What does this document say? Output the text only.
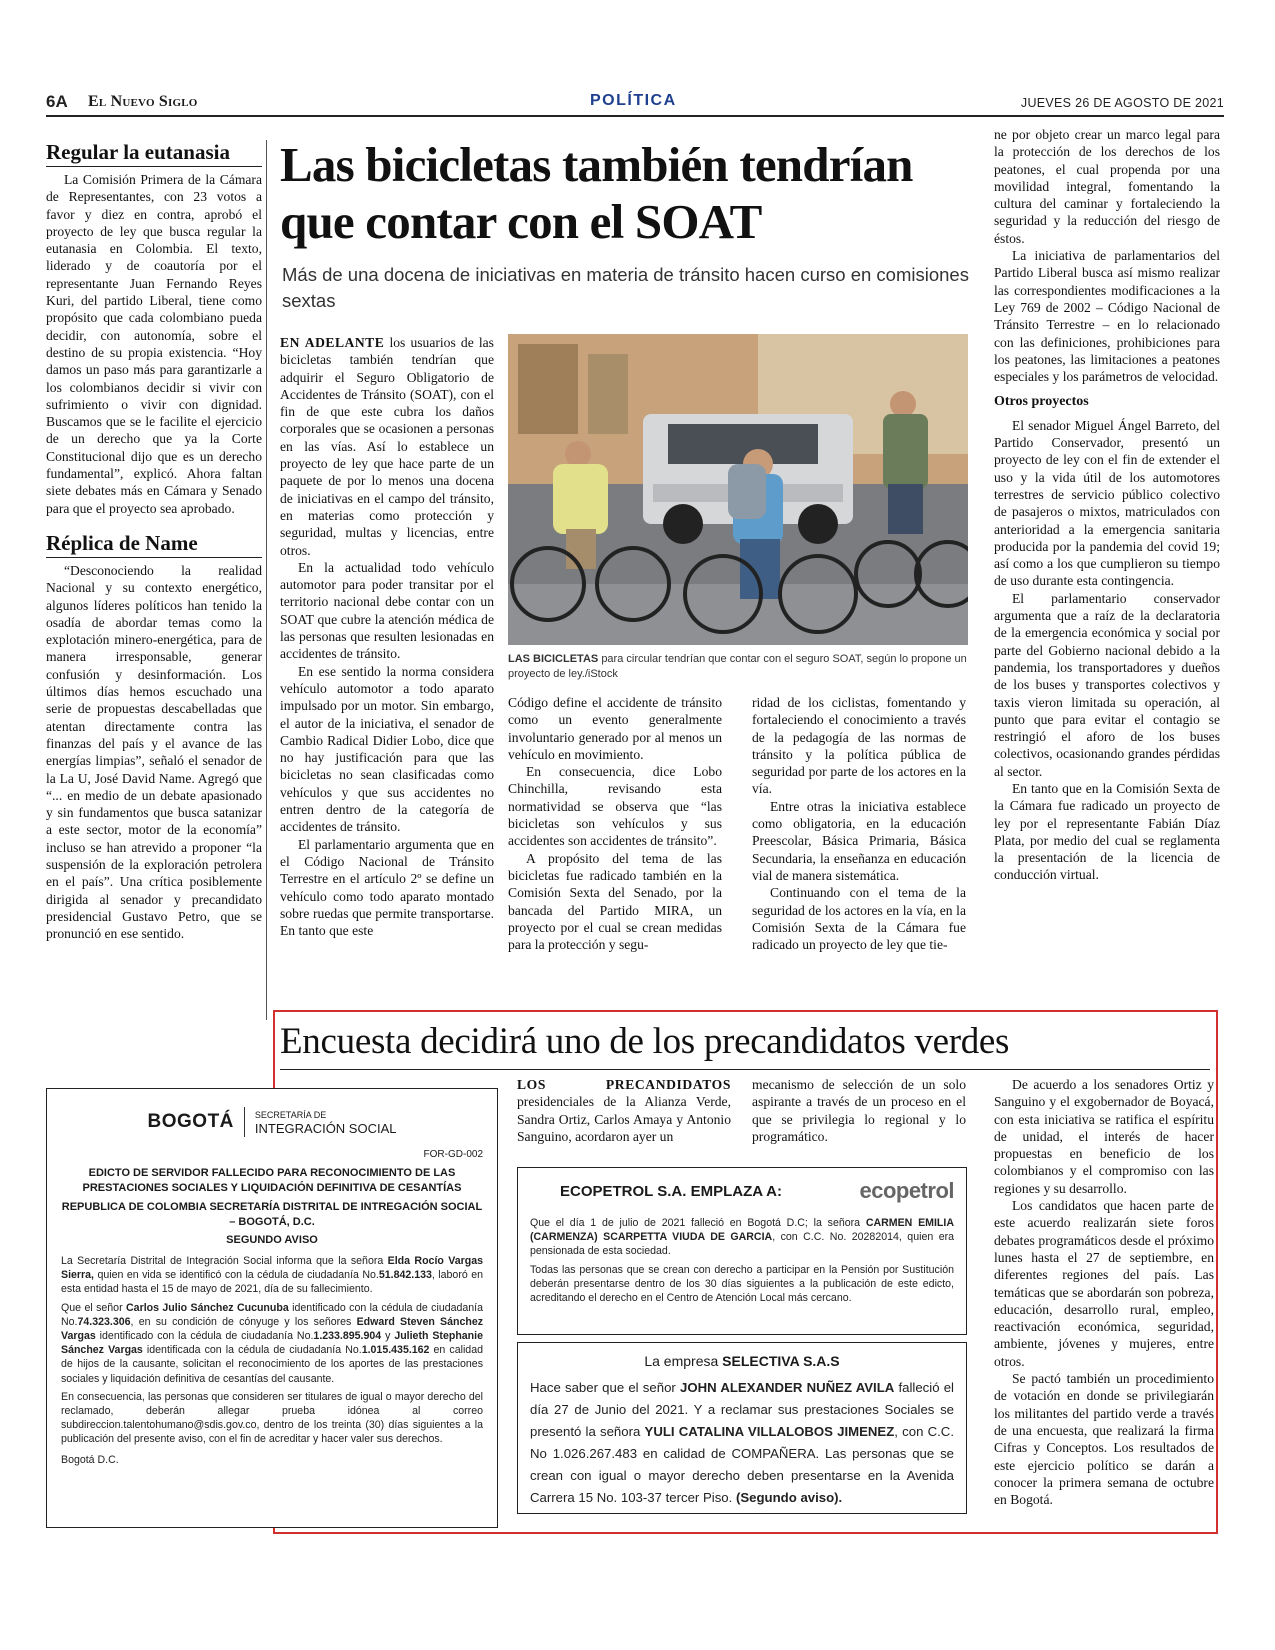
6A El Nuevo Siglo	POLÍTICA	JUEVES 26 DE AGOSTO DE 2021
Regular la eutanasia

La Comisión Primera de la Cámara de Representantes, con 23 votos a favor y diez en contra, aprobó el proyecto de ley que busca regular la eutanasia en Colombia. El texto, liderado y de coautoría por el representante Juan Fernando Reyes Kuri, del partido Liberal, tiene como propósito que cada colombiano pueda decidir, con autonomía, sobre el destino de su propia existencia. “Hoy damos un paso más para garantizarle a los colombianos decidir si vivir con sufrimiento o vivir con dignidad. Buscamos que se le facilite el ejercicio de un derecho que ya la Corte Constitucional dijo que es un derecho fundamental”, explicó. Ahora faltan siete debates más en Cámara y Senado para que el proyecto sea aprobado.

Réplica de Name

“Desconociendo la realidad Nacional y su contexto energético, algunos líderes políticos han tenido la osadía de abordar temas como la explotación minero-energética, para de manera irresponsable, generar confusión y desinformación. Los últimos días hemos escuchado una serie de propuestas descabelladas que atentan directamente contra las finanzas del país y el avance de las energías limpias”, señaló el senador de la La U, José David Name. Agregó que “... en medio de un debate apasionado y sin fundamentos que busca satanizar a este sector, motor de la economía” incluso se han atrevido a proponer “la suspensión de la exploración petrolera en el país”. Una crítica posiblemente dirigida al senador y precandidato presidencial Gustavo Petro, que se pronunció en ese sentido.

Las bicicletas también tendrían que contar con el SOAT
Más de una docena de iniciativas en materia de tránsito hacen curso en comisiones sextas

EN ADELANTE los usuarios de las bicicletas también tendrían que adquirir el Seguro Obligatorio de Accidentes de Tránsito (SOAT), con el fin de que este cubra los daños corporales que se ocasionen a personas en las vías. Así lo establece un proyecto de ley que hace parte de un paquete de por lo menos una docena de iniciativas en el campo del tránsito, en materias como protección y seguridad, multas y licencias, entre otros.

En la actualidad todo vehículo automotor para poder transitar por el territorio nacional debe contar con un SOAT que cubre la atención médica de las personas que resulten lesionadas en accidentes de tránsito.

En ese sentido la norma considera vehículo automotor a todo aparato impulsado por un motor. Sin embargo, el autor de la iniciativa, el senador de Cambio Radical Didier Lobo, dice que no hay justificación para que las bicicletas no sean clasificadas como vehículos y que sus accidentes no entren dentro de la categoría de accidentes de tránsito.

El parlamentario argumenta que en el Código Nacional de Tránsito Terrestre en el artículo 2º se define un vehículo como todo aparato montado sobre ruedas que permite transportarse. En tanto que este

LAS BICICLETAS para circular tendrían que contar con el seguro SOAT, según lo propone un proyecto de ley./iStock

Código define el accidente de tránsito como un evento generalmente involuntario generado por al menos un vehículo en movimiento.

En consecuencia, dice Lobo Chinchilla, revisando esta normatividad se observa que “las bicicletas son vehículos y sus accidentes son accidentes de tránsito”.

A propósito del tema de las bicicletas fue radicado también en la Comisión Sexta del Senado, por la bancada del Partido MIRA, un proyecto por el cual se crean medidas para la protección y segu-

ridad de los ciclistas, fomentando y fortaleciendo el conocimiento a través de la pedagogía de las normas de tránsito y la política pública de seguridad por parte de los actores en la vía.

Entre otras la iniciativa establece como obligatoria, en la educación Preescolar, Básica Primaria, Básica Secundaria, la enseñanza en educación vial de manera sistemática.

Continuando con el tema de la seguridad de los actores en la vía, en la Comisión Sexta de la Cámara fue radicado un proyecto de ley que tie-

ne por objeto crear un marco legal para la protección de los derechos de los peatones, el cual propenda por una movilidad integral, fomentando la cultura del caminar y fortaleciendo la seguridad y la reducción del riesgo de éstos.

La iniciativa de parlamentarios del Partido Liberal busca así mismo realizar las correspondientes modificaciones a la Ley 769 de 2002 – Código Nacional de Tránsito Terrestre – en lo relacionado con las definiciones, prohibiciones para los peatones, las limitaciones a peatones especiales y los parámetros de velocidad.

Otros proyectos

El senador Miguel Ángel Barreto, del Partido Conservador, presentó un proyecto de ley con el fin de extender el uso y la vida útil de los automotores terrestres de servicio público colectivo de pasajeros o mixtos, matriculados con anterioridad a la emergencia sanitaria producida por la pandemia del covid 19; así como a los que cumplieron su tiempo de uso durante esta contingencia.

El parlamentario conservador argumenta que a raíz de la declaratoria de la emergencia económica y social por parte del Gobierno nacional debido a la pandemia, los transportadores y dueños de los buses y transportes colectivos y taxis vieron limitada su operación, al punto que para evitar el contagio se restringió el aforo de los buses colectivos, ocasionando grandes pérdidas al sector.

En tanto que en la Comisión Sexta de la Cámara fue radicado un proyecto de ley por el representante Fabián Díaz Plata, por medio del cual se reglamenta la presentación de la licencia de conducción virtual.

Encuesta decidirá uno de los precandidatos verdes

LOS PRECANDIDATOS presidenciales de la Alianza Verde, Sandra Ortiz, Carlos Amaya y Antonio Sanguino, acordaron ayer un

mecanismo de selección de un solo aspirante a través de un proceso en el que se privilegia lo regional y lo programático.

De acuerdo a los senadores Ortiz y Sanguino y el exgobernador de Boyacá, con esta iniciativa se ratifica el espíritu de unidad, el interés de hacer propuestas en beneficio de los colombianos y el compromiso con las regiones y su desarrollo.

Los candidatos que hacen parte de este acuerdo realizarán siete foros debates programáticos desde el próximo lunes hasta el 27 de septiembre, en diferentes regiones del país. Las temáticas que se abordarán son pobreza, educación, desarrollo rural, empleo, reactivación económica, seguridad, ambiente, jóvenes y mujeres, entre otros.

Se pactó también un procedimiento de votación en donde se privilegiarán los militantes del partido verde a través de una encuesta, que realizará la firma Cifras y Conceptos. Los resultados de este ejercicio político se darán a conocer la primera semana de octubre en Bogotá.

BOGOTÁ SECRETARÍA DE
INTEGRACIÓN SOCIAL
FOR-GD-002
EDICTO DE SERVIDOR FALLECIDO PARA RECONOCIMIENTO DE LAS PRESTACIONES SOCIALES Y LIQUIDACIÓN DEFINITIVA DE CESANTÍAS
REPUBLICA DE COLOMBIA SECRETARÍA DISTRITAL DE INTREGACIÓN SOCIAL – BOGOTÁ, D.C.
SEGUNDO AVISO

La Secretaría Distrital de Integración Social informa que la señora Elda Rocío Vargas Sierra, quien en vida se identificó con la cédula de ciudadanía No.51.842.133, laboró en esta entidad hasta el 15 de mayo de 2021, día de su fallecimiento.

Que el señor Carlos Julio Sánchez Cucunuba identificado con la cédula de ciudadanía No.74.323.306, en su condición de cónyuge y los señores Edward Steven Sánchez Vargas identificado con la cédula de ciudadanía No.1.233.895.904 y Julieth Stephanie Sánchez Vargas identificada con la cédula de ciudadanía No.1.015.435.162 en calidad de hijos de la causante, solicitan el reconocimiento de los aportes de las prestaciones sociales y liquidación definitiva de cesantías del causante.

En consecuencia, las personas que consideren ser titulares de igual o mayor derecho del reclamado, deberán allegar prueba idónea al correo subdireccion.talentohumano@sdis.gov.co, dentro de los treinta (30) días siguientes a la publicación del presente aviso, con el fin de acreditar y hacer valer sus derechos.

Bogotá D.C.

ECOPETROL S.A. EMPLAZA A:	ecopetrol

Que el día 1 de julio de 2021 falleció en Bogotá D.C; la señora CARMEN EMILIA (CARMENZA) SCARPETTA VIUDA DE GARCIA, con C.C. No. 20282014, quien era pensionada de esta sociedad.

Todas las personas que se crean con derecho a participar en la Pensión por Sustitución deberán presentarse dentro de los 30 días siguientes a la publicación de este edicto, acreditando el derecho en el Centro de Atención Local más cercano.

La empresa SELECTIVA S.A.S
Hace saber que el señor JOHN ALEXANDER NUÑEZ AVILA falleció el día 27 de Junio del 2021. Y a reclamar sus prestaciones Sociales se presentó la señora YULI CATALINA VILLALOBOS JIMENEZ, con C.C. No 1.026.267.483 en calidad de COMPAÑERA. Las personas que se crean con igual o mayor derecho deben presentarse en la Avenida Carrera 15 No. 103-37 tercer Piso. (Segundo aviso).
